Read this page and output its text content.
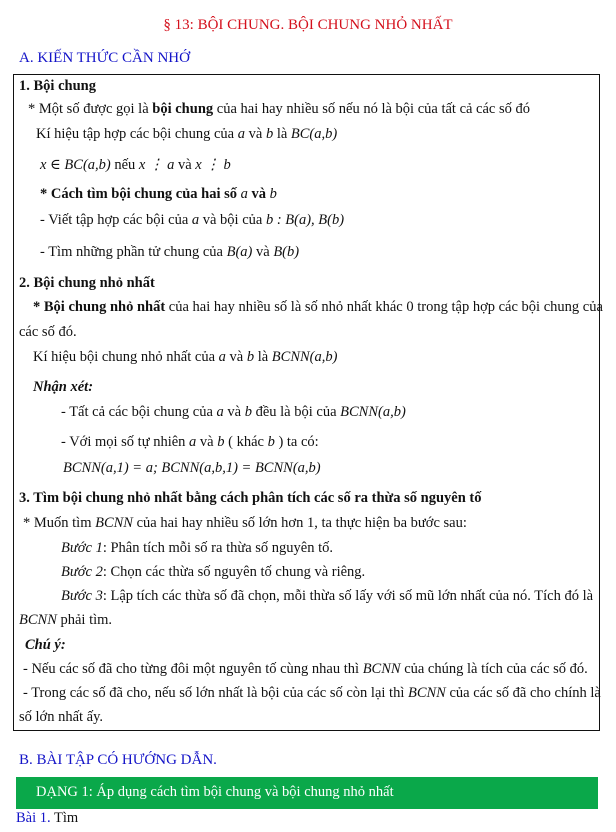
§ 13: BỘI CHUNG. BỘI CHUNG NHỎ NHẤT
A. KIẾN THỨC CẦN NHỚ
1. Bội chung
* Một số được gọi là bội chung của hai hay nhiều số nếu nó là bội của tất cả các số đó
Kí hiệu tập hợp các bội chung của a và b là BC(a,b)
x ∈ BC(a,b) nếu x ⋮ a và x ⋮ b
* Cách tìm bội chung của hai số a và b
- Viết tập hợp các bội của a và bội của b : B(a), B(b)
- Tìm những phần tử chung của B(a) và B(b)
2. Bội chung nhỏ nhất
* Bội chung nhỏ nhất của hai hay nhiều số là số nhỏ nhất khác 0 trong tập hợp các bội chung của
các số đó.
Kí hiệu bội chung nhỏ nhất của a và b là BCNN(a,b)
Nhận xét:
- Tất cả các bội chung của a và b đều là bội của BCNN(a,b)
- Với mọi số tự nhiên a và b ( khác b ) ta có:
BCNN(a,1) = a; BCNN(a,b,1) = BCNN(a,b)
3. Tìm bội chung nhỏ nhất bằng cách phân tích các số ra thừa số nguyên tố
* Muốn tìm BCNN của hai hay nhiều số lớn hơn 1, ta thực hiện ba bước sau:
Bước 1: Phân tích mỗi số ra thừa số nguyên tố.
Bước 2: Chọn các thừa số nguyên tố chung và riêng.
Bước 3: Lập tích các thừa số đã chọn, mỗi thừa số lấy với số mũ lớn nhất của nó. Tích đó là
BCNN phải tìm.
Chú ý:
- Nếu các số đã cho từng đôi một nguyên tố cùng nhau thì BCNN của chúng là tích của các số đó.
- Trong các số đã cho, nếu số lớn nhất là bội của các số còn lại thì BCNN của các số đã cho chính là
số lớn nhất ấy.
B. BÀI TẬP CÓ HƯỚNG DẪN.
DẠNG 1: Áp dụng cách tìm bội chung và bội chung nhỏ nhất
Bài 1. Tìm
